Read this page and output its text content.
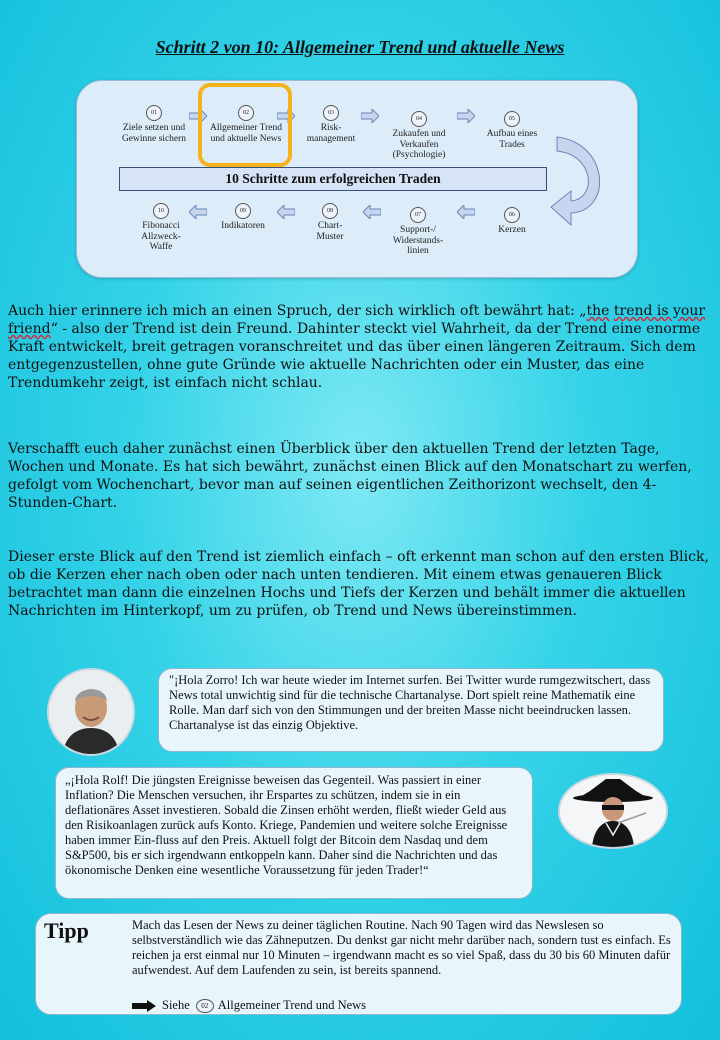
Schritt 2 von 10: Allgemeiner Trend und aktuelle News
01
Ziele setzen und Gewinne sichern
02
Allgemeiner Trend und aktuelle News
03
Risk-management
04
Zukaufen und Verkaufen (Psychologie)
05
Aufbau eines Trades
10 Schritte zum erfolgreichen Traden
10
Fibonacci Allzweck-Waffe
09
Indikatoren
08
Chart-Muster
07
Support-/ Widerstands-linien
06
Kerzen
Auch hier erinnere ich mich an einen Spruch, der sich wirklich oft bewährt hat: „the trend is your friend“ - also der Trend ist dein Freund. Dahinter steckt viel Wahrheit, da der Trend eine enorme Kraft entwickelt, breit getragen voranschreitet und das über einen längeren Zeitraum. Sich dem entgegenzustellen, ohne gute Gründe wie aktuelle Nachrichten oder ein Muster, das eine Trendumkehr zeigt, ist einfach nicht schlau.
Verschafft euch daher zunächst einen Überblick über den aktuellen Trend der letzten Tage, Wochen und Monate. Es hat sich bewährt, zunächst einen Blick auf den Monatschart zu werfen, gefolgt vom Wochenchart, bevor man auf seinen eigentlichen Zeithorizont wechselt, den 4-Stunden-Chart.
Dieser erste Blick auf den Trend ist ziemlich einfach – oft erkennt man schon auf den ersten Blick, ob die Kerzen eher nach oben oder nach unten tendieren. Mit einem etwas genaueren Blick betrachtet man dann die einzelnen Hochs und Tiefs der Kerzen und behält immer die aktuellen Nachrichten im Hinterkopf, um zu prüfen, ob Trend und News übereinstimmen.
"¡Hola Zorro! Ich war heute wieder im Internet surfen. Bei Twitter wurde rumgezwitschert, dass News total unwichtig sind für die technische Chartanalyse. Dort spielt reine Mathematik eine Rolle. Man darf sich von den Stimmungen und der breiten Masse nicht beeindrucken lassen. Chartanalyse ist das einzig Objektive.
„¡Hola Rolf! Die jüngsten Ereignisse beweisen das Gegenteil. Was passiert in einer Inflation? Die Menschen versuchen, ihr Erspartes zu schützen, indem sie in ein deflationäres Asset investieren. Sobald die Zinsen erhöht werden, fließt wieder Geld aus den Risikoanlagen zurück aufs Konto. Kriege, Pandemien und weitere solche Ereignisse haben immer Ein-fluss auf den Preis. Aktuell folgt der Bitcoin dem Nasdaq und dem S&P500, bis er sich irgendwann entkoppeln kann. Daher sind die Nachrichten und das ökonomische Denken eine wesentliche Voraussetzung für jeden Trader!“
Tipp	Mach das Lesen der News zu deiner täglichen Routine. Nach 90 Tagen wird das Newslesen so selbstverständlich wie das Zähneputzen. Du denkst gar nicht mehr darüber nach, sondern tust es einfach. Es reichen ja erst einmal nur 10 Minuten – irgendwann macht es so viel Spaß, dass du 30 bis 60 Minuten dafür aufwendest. Auf dem Laufenden zu sein, ist bereits spannend.
Siehe	02 Allgemeiner Trend und News
